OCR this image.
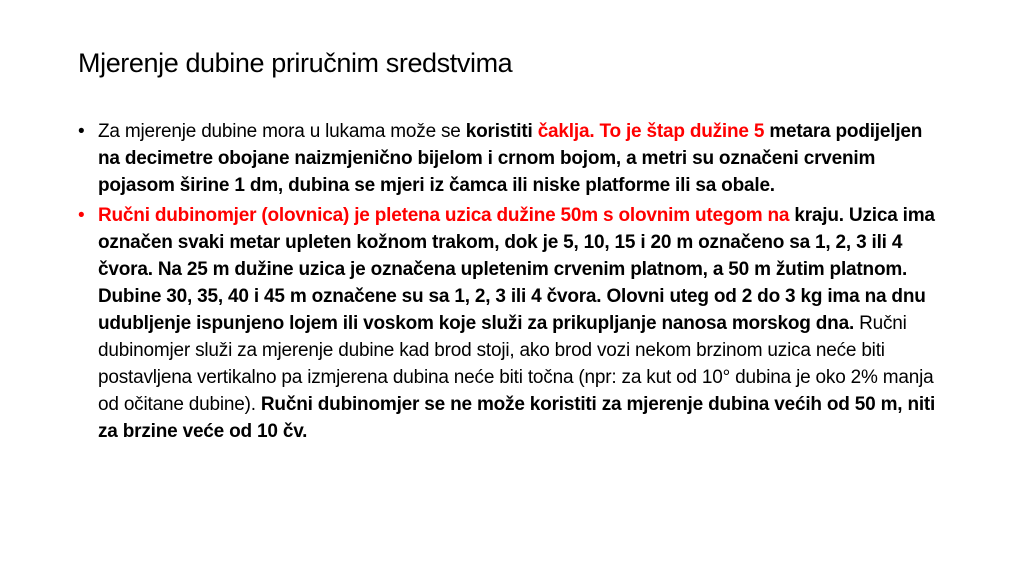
Mjerenje dubine priručnim sredstvima
• Za mjerenje dubine mora u lukama može se koristiti čaklja. To je štap dužine 5 metara podijeljen na decimetre obojane naizmjenično bijelom i crnom bojom, a metri su označeni crvenim pojasom širine 1 dm, dubina se mjeri iz čamca ili niske platforme ili sa obale.
• Ručni dubinomjer (olovnica) je pletena uzica dužine 50m s olovnim utegom na kraju. Uzica ima označen svaki metar upleten kožnom trakom, dok je 5, 10, 15 i 20 m označeno sa 1, 2, 3 ili 4 čvora. Na 25 m dužine uzica je označena upletenim crvenim platnom, a 50 m žutim platnom. Dubine 30, 35, 40 i 45 m označene su sa 1, 2, 3 ili 4 čvora. Olovni uteg od 2 do 3 kg ima na dnu udubljenje ispunjeno lojem ili voskom koje služi za prikupljanje nanosa morskog dna. Ručni dubinomjer služi za mjerenje dubine kad brod stoji, ako brod vozi nekom brzinom uzica neće biti postavljena vertikalno pa izmjerena dubina neće biti točna (npr: za kut od 10° dubina je oko 2% manja od očitane dubine). Ručni dubinomjer se ne može koristiti za mjerenje dubina većih od 50 m, niti za brzine veće od 10 čv.
